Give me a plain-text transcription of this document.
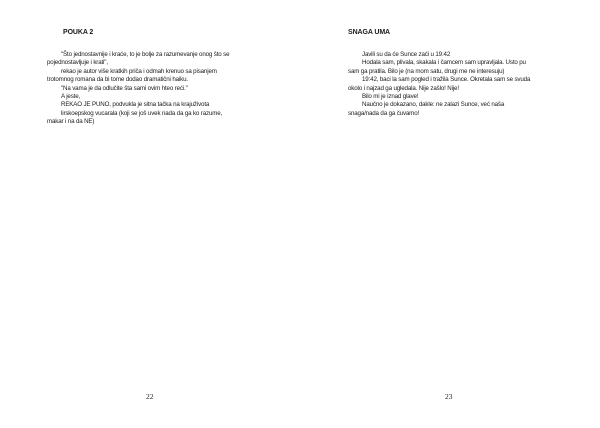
POUKA 2
"Što jednostavnije i kraće, to je bolje za razumevanje onog što se
pojednostavljuje i krati",
rekao je autor više kratkih priča i odmah krenuo sa pisanjem
trotomnog romana da bi tome dodao dramatični haiku.
"Na vama je da odlučite šta sami ovim hteo reći."
A jeste,
REKAO JE PUNO, podvukla je sitna tačka na krajuživota
lirskoepskog vucarala (koji se još uvek nada da ga ko razume,
makar i na da NE)
22
SNAGA UMA
Javili su da će Sunce zaći u 19:42
Hodala sam, plivala, skakala i čamcem sam upravljala. Usto pu
sam ga pratila. Bilo je (na mom satu, drugi me ne interesuju)
19:42, baci la sam pogled i tražila Sunce. Okretala sam se svuda
okolo i najzad ga ugledala. Nije zašlo! Nije!
Bilo mi je iznad glave!
Naučno je dokazano, dakle: ne zalazi Sunce, već naša
snaga/nada da ga čuvamo!
23
